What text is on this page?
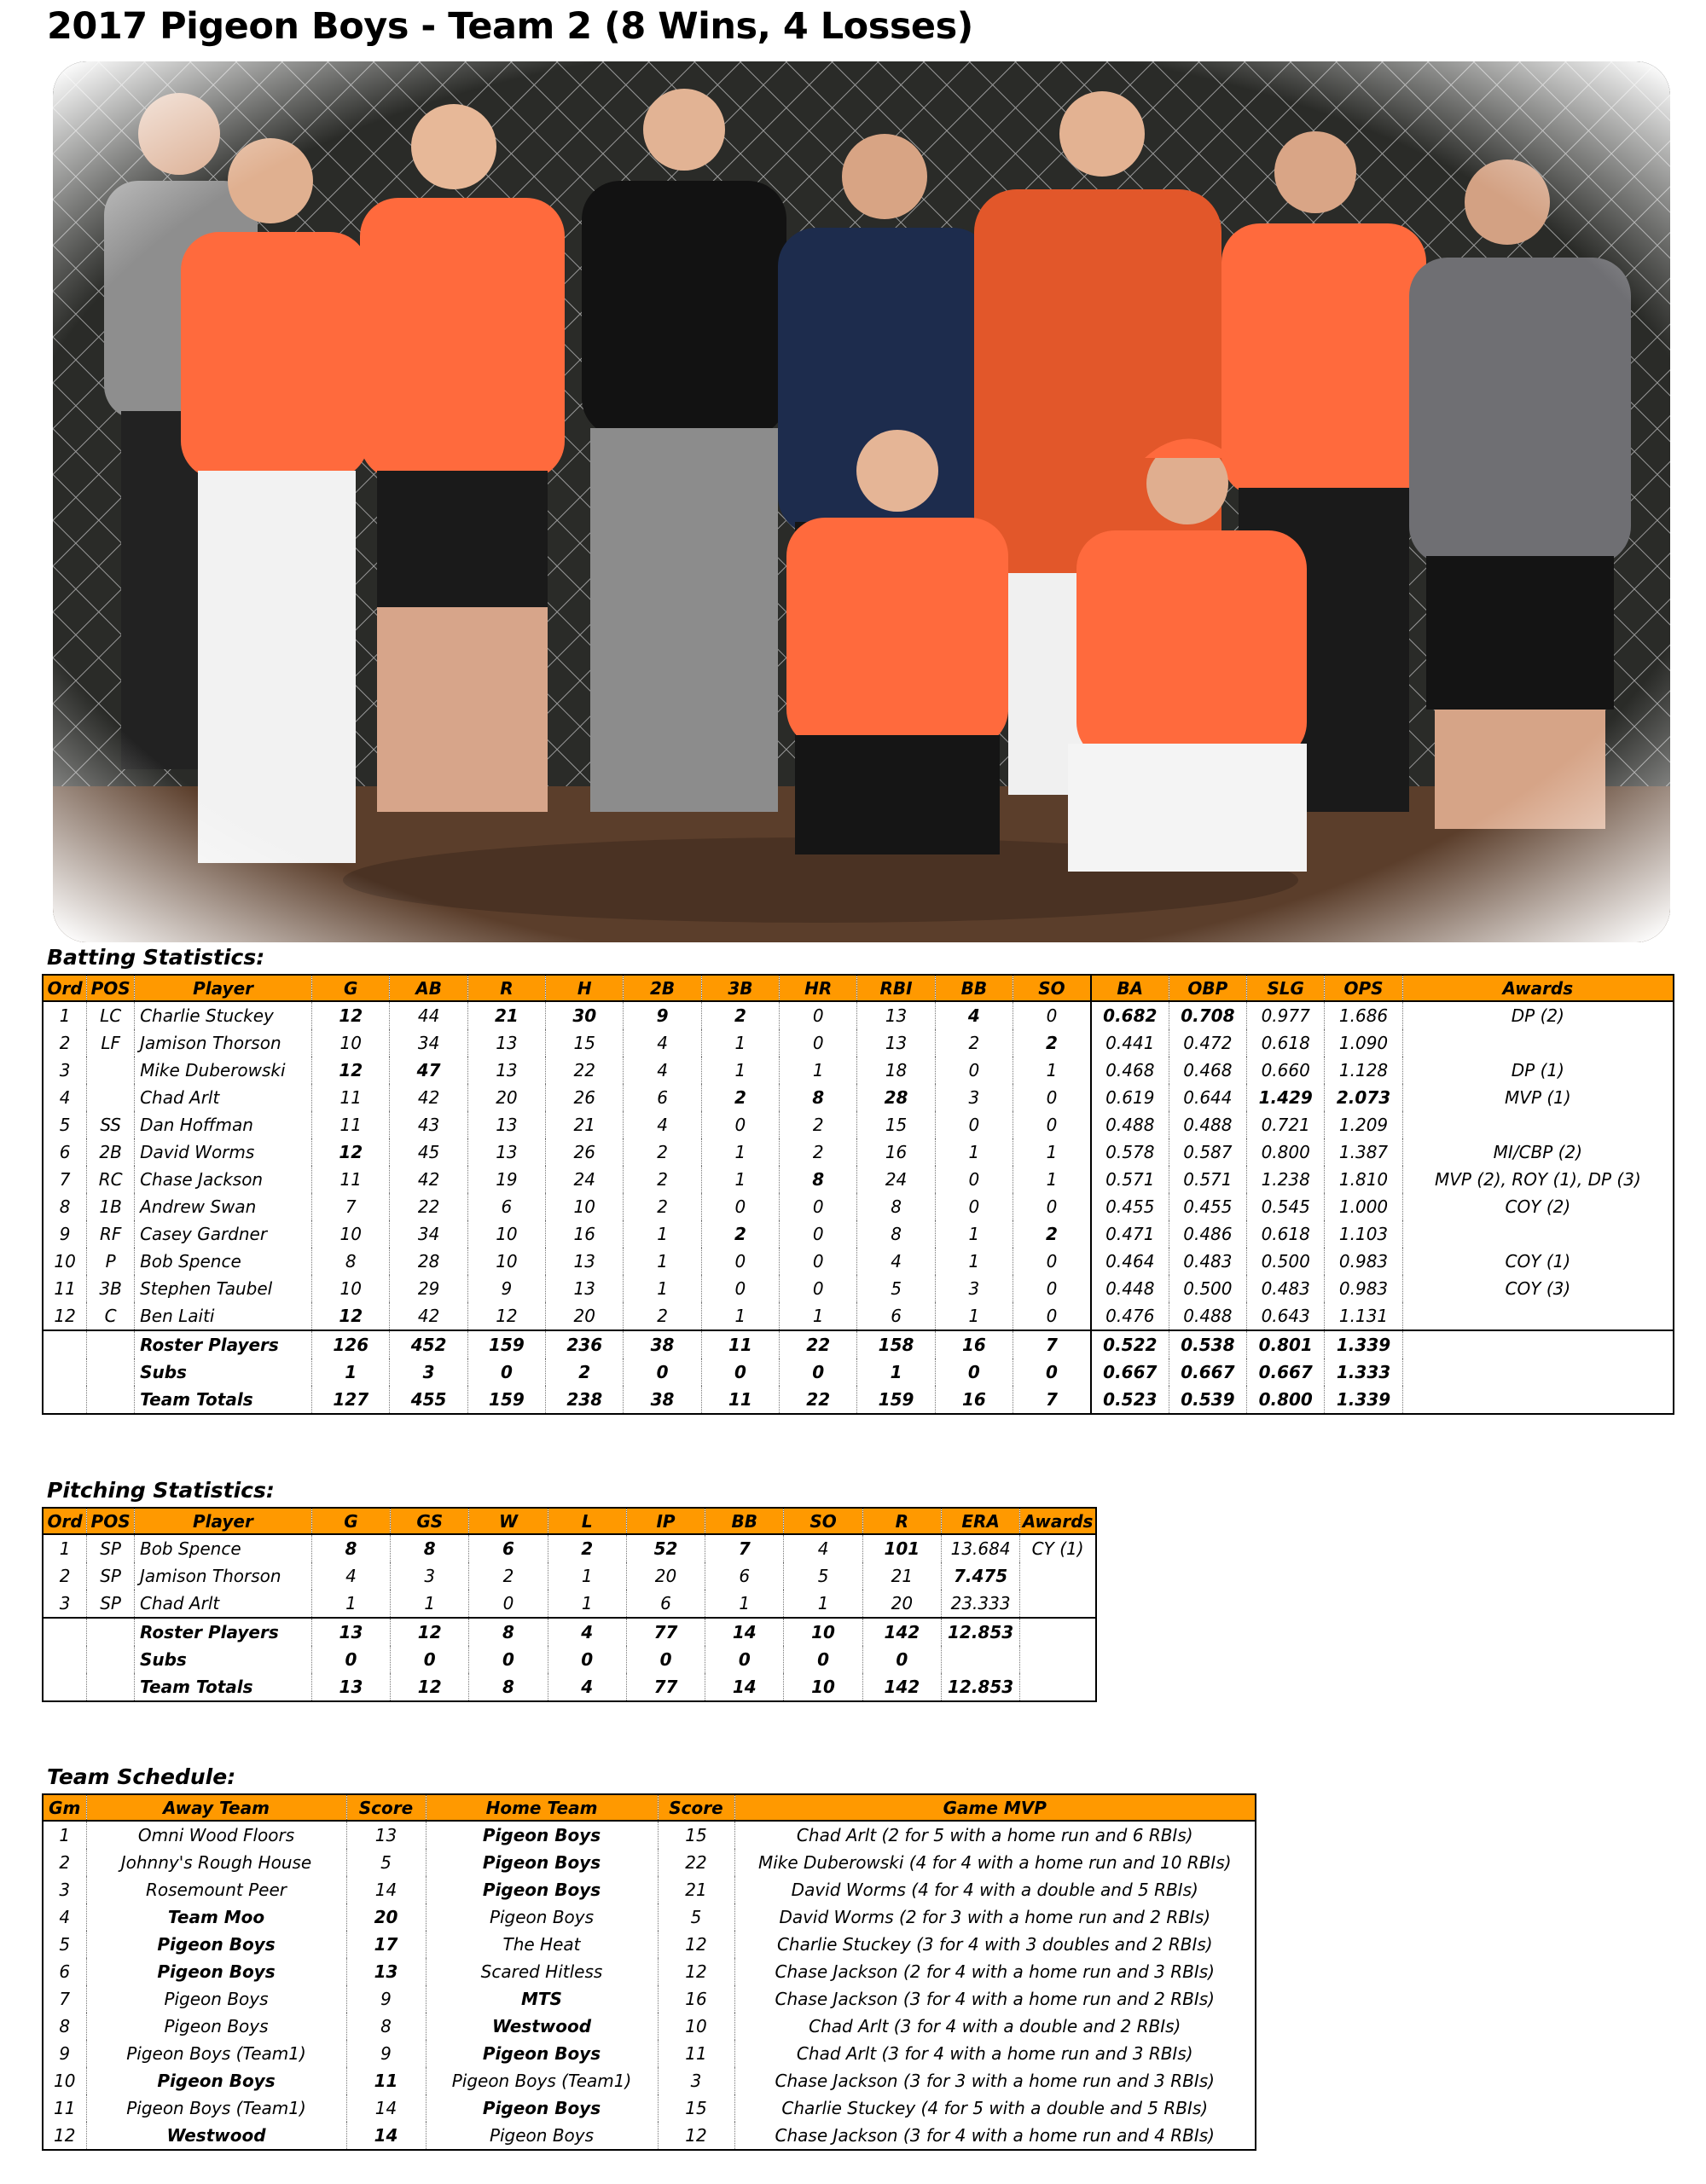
2017 Pigeon Boys - Team 2 (8 Wins, 4 Losses)
Batting Statistics:
Ord	POS	Player	G	AB	R	H	2B	3B	HR	RBI	BB	SO	BA	OBP	SLG	OPS	Awards
1	LC	Charlie Stuckey	12	44	21	30	9	2	0	13	4	0	0.682	0.708	0.977	1.686	DP (2)
2	LF	Jamison Thorson	10	34	13	15	4	1	0	13	2	2	0.441	0.472	0.618	1.090	
3		Mike Duberowski	12	47	13	22	4	1	1	18	0	1	0.468	0.468	0.660	1.128	DP (1)
4		Chad Arlt	11	42	20	26	6	2	8	28	3	0	0.619	0.644	1.429	2.073	MVP (1)
5	SS	Dan Hoffman	11	43	13	21	4	0	2	15	0	0	0.488	0.488	0.721	1.209	
6	2B	David Worms	12	45	13	26	2	1	2	16	1	1	0.578	0.587	0.800	1.387	MI/CBP (2)
7	RC	Chase Jackson	11	42	19	24	2	1	8	24	0	1	0.571	0.571	1.238	1.810	MVP (2), ROY (1), DP (3)
8	1B	Andrew Swan	7	22	6	10	2	0	0	8	0	0	0.455	0.455	0.545	1.000	COY (2)
9	RF	Casey Gardner	10	34	10	16	1	2	0	8	1	2	0.471	0.486	0.618	1.103	
10	P	Bob Spence	8	28	10	13	1	0	0	4	1	0	0.464	0.483	0.500	0.983	COY (1)
11	3B	Stephen Taubel	10	29	9	13	1	0	0	5	3	0	0.448	0.500	0.483	0.983	COY (3)
12	C	Ben Laiti	12	42	12	20	2	1	1	6	1	0	0.476	0.488	0.643	1.131	
		Roster Players	126	452	159	236	38	11	22	158	16	7	0.522	0.538	0.801	1.339	
		Subs	1	3	0	2	0	0	0	1	0	0	0.667	0.667	0.667	1.333	
		Team Totals	127	455	159	238	38	11	22	159	16	7	0.523	0.539	0.800	1.339	
Pitching Statistics:
Ord	POS	Player	G	GS	W	L	IP	BB	SO	R	ERA	Awards
1	SP	Bob Spence	8	8	6	2	52	7	4	101	13.684	CY (1)
2	SP	Jamison Thorson	4	3	2	1	20	6	5	21	7.475	
3	SP	Chad Arlt	1	1	0	1	6	1	1	20	23.333	
		Roster Players	13	12	8	4	77	14	10	142	12.853	
		Subs	0	0	0	0	0	0	0	0		
		Team Totals	13	12	8	4	77	14	10	142	12.853	
Team Schedule:
Gm	Away Team	Score	Home Team	Score	Game MVP
1	Omni Wood Floors	13	Pigeon Boys	15	Chad Arlt (2 for 5 with a home run and 6 RBIs)
2	Johnny's Rough House	5	Pigeon Boys	22	Mike Duberowski (4 for 4 with a home run and 10 RBIs)
3	Rosemount Peer	14	Pigeon Boys	21	David Worms (4 for 4 with a double and 5 RBIs)
4	Team Moo	20	Pigeon Boys	5	David Worms (2 for 3 with a home run and 2 RBIs)
5	Pigeon Boys	17	The Heat	12	Charlie Stuckey (3 for 4 with 3 doubles and 2 RBIs)
6	Pigeon Boys	13	Scared Hitless	12	Chase Jackson (2 for 4 with a home run and 3 RBIs)
7	Pigeon Boys	9	MTS	16	Chase Jackson (3 for 4 with a home run and 2 RBIs)
8	Pigeon Boys	8	Westwood	10	Chad Arlt (3 for 4 with a double and 2 RBIs)
9	Pigeon Boys (Team1)	9	Pigeon Boys	11	Chad Arlt (3 for 4 with a home run and 3 RBIs)
10	Pigeon Boys	11	Pigeon Boys (Team1)	3	Chase Jackson (3 for 3 with a home run and 3 RBIs)
11	Pigeon Boys (Team1)	14	Pigeon Boys	15	Charlie Stuckey (4 for 5 with a double and 5 RBIs)
12	Westwood	14	Pigeon Boys	12	Chase Jackson (3 for 4 with a home run and 4 RBIs)
